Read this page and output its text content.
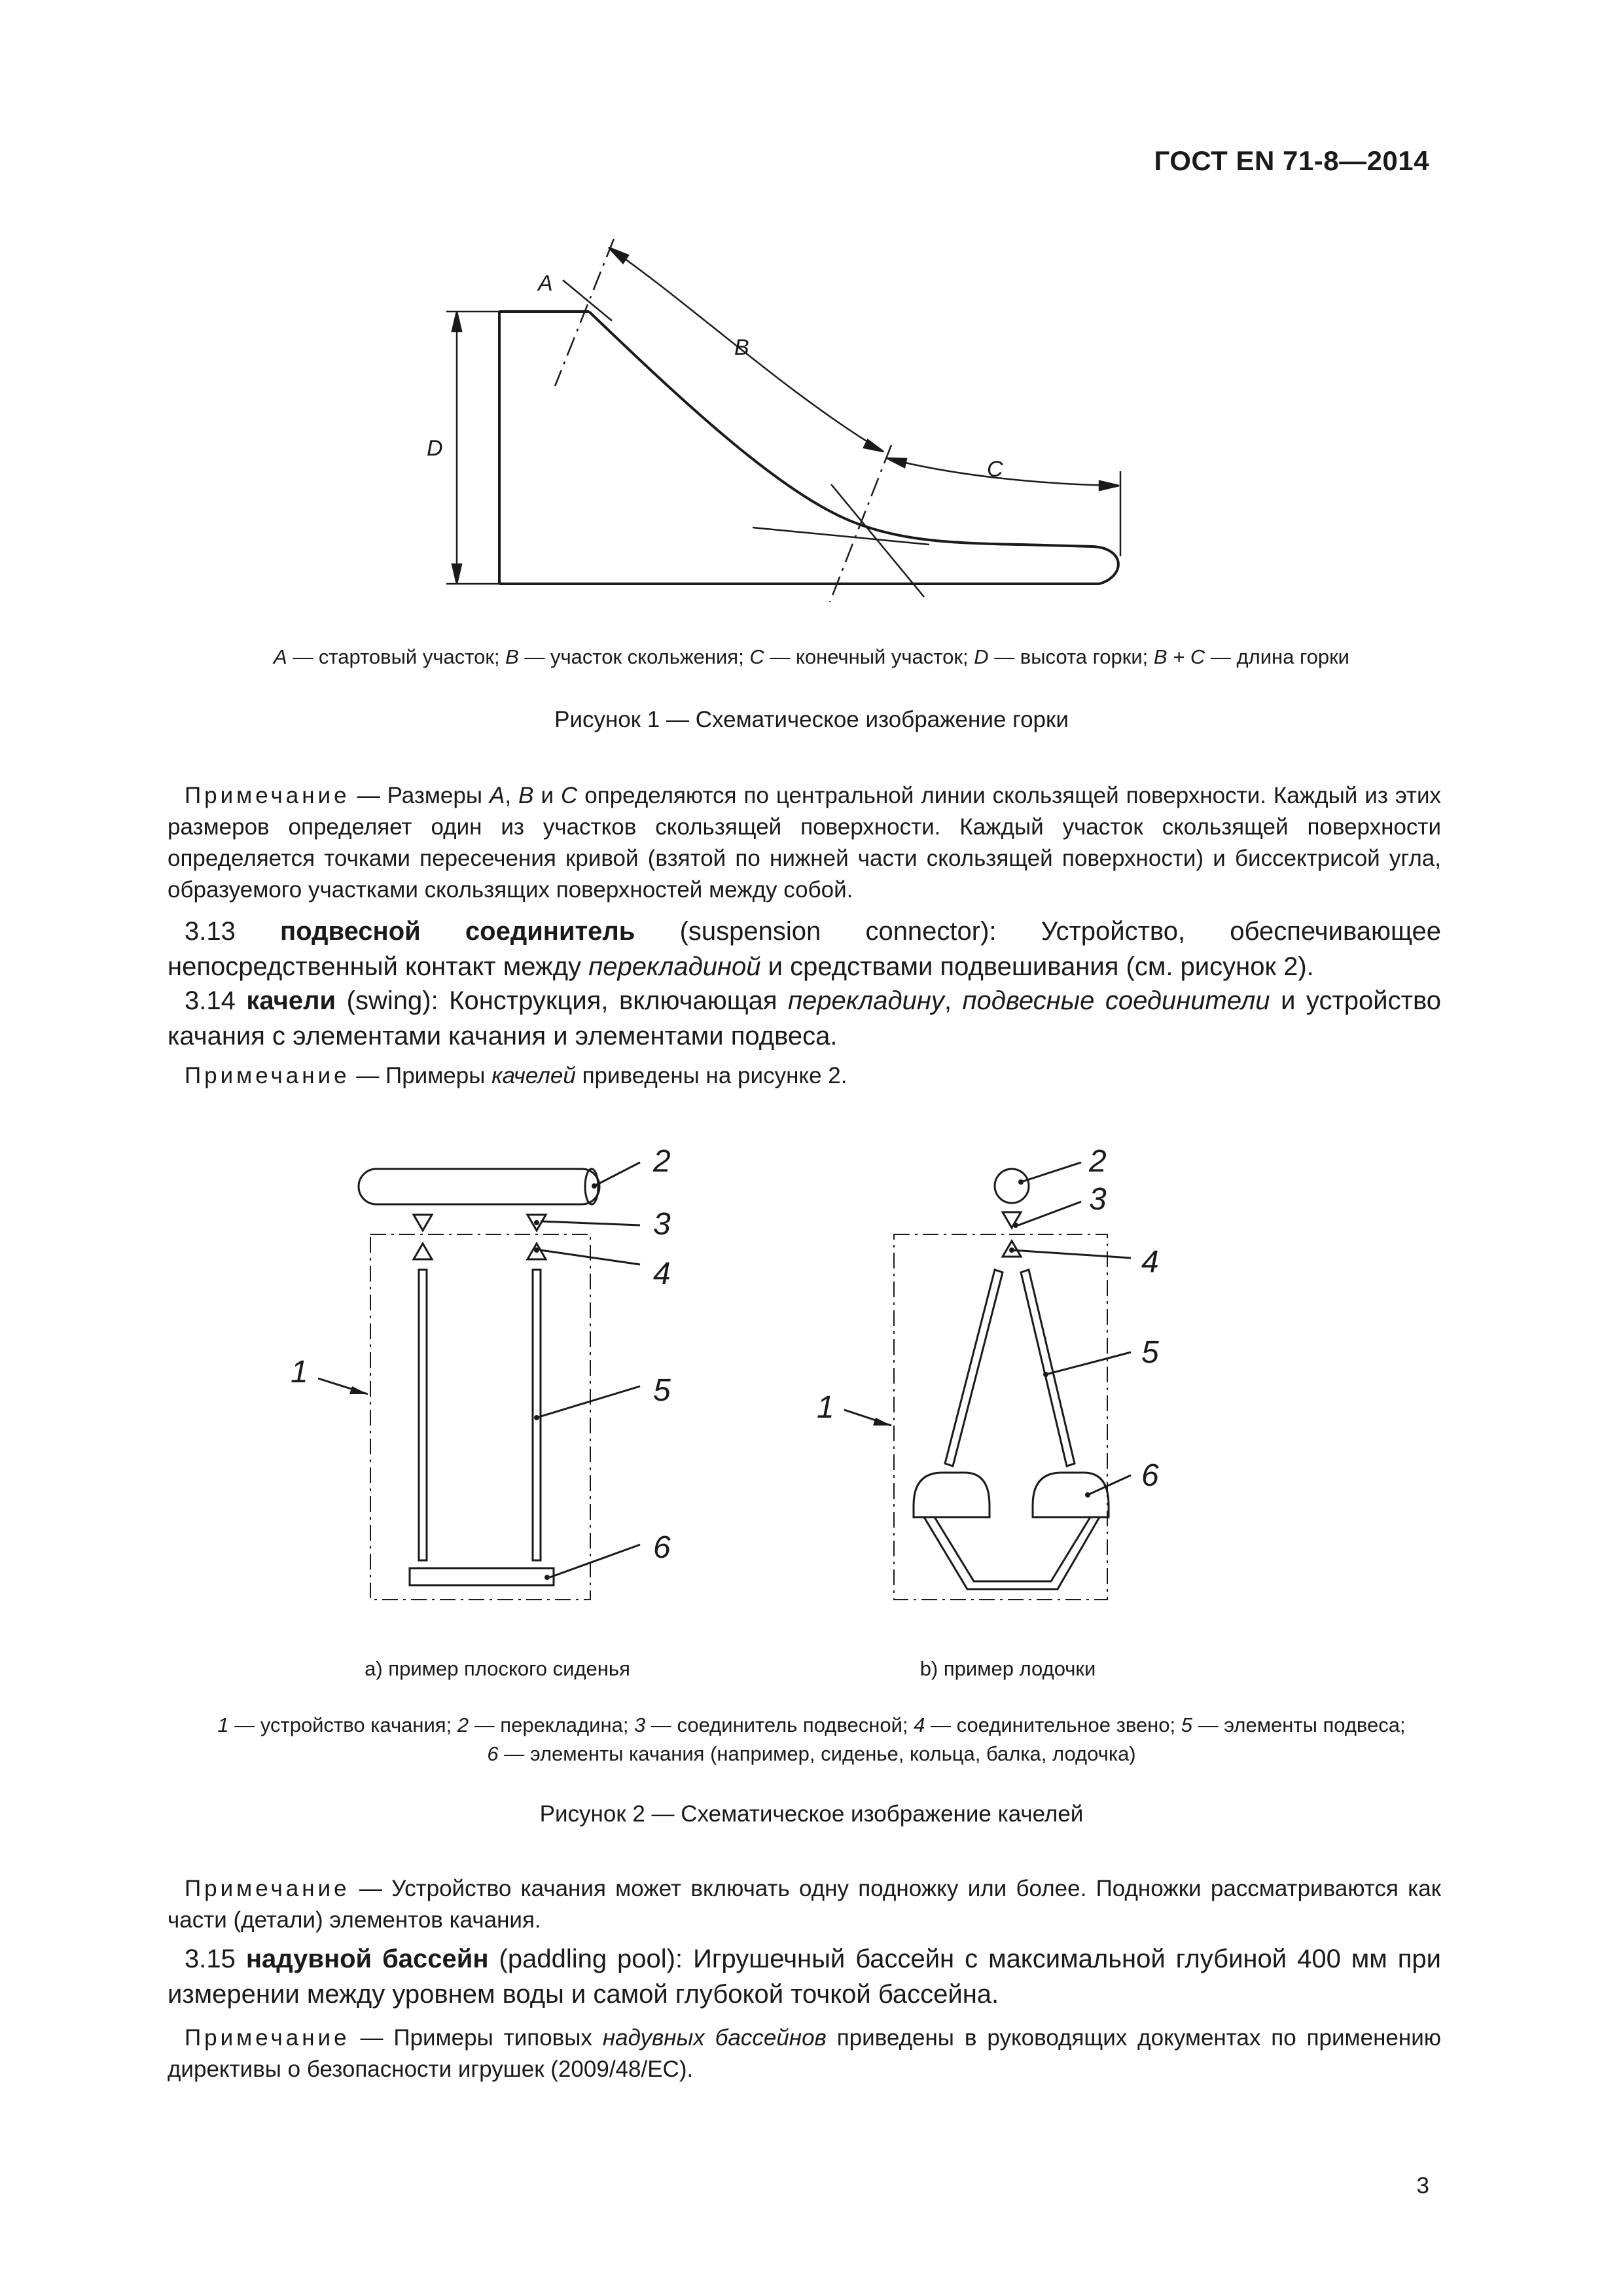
ГОСТ EN 71-8—2014
A
B
C
D
A — стартовый участок; B — участок скольжения; C — конечный участок; D — высота горки; B + C — длина горки
Рисунок 1 — Схематическое изображение горки
Примечание — Размеры A, B и C определяются по центральной линии скользящей поверхности. Каждый из этих размеров определяет один из участков скользящей поверхности. Каждый участок скользящей поверхности определяется точками пересечения кривой (взятой по нижней части скользящей поверхности) и биссектрисой угла, образуемого участками скользящих поверхностей между собой.
3.13 подвесной соединитель (suspension connector): Устройство, обеспечивающее непосредственный контакт между перекладиной и средствами подвешивания (см. рисунок 2).
3.14 качели (swing): Конструкция, включающая перекладину, подвесные соединители и устройство качания с элементами качания и элементами подвеса.
Примечание — Примеры качелей приведены на рисунке 2.
2
3
4
5
6
1
2
3
4
5
6
1
a) пример плоского сиденья	b) пример лодочки
1 — устройство качания; 2 — перекладина; 3 — соединитель подвесной; 4 — соединительное звено; 5 — элементы подвеса;
6 — элементы качания (например, сиденье, кольца, балка, лодочка)
Рисунок 2 — Схематическое изображение качелей
Примечание — Устройство качания может включать одну подножку или более. Подножки рассматриваются как части (детали) элементов качания.
3.15 надувной бассейн (paddling pool): Игрушечный бассейн с максимальной глубиной 400 мм при измерении между уровнем воды и самой глубокой точкой бассейна.
Примечание — Примеры типовых надувных бассейнов приведены в руководящих документах по применению директивы о безопасности игрушек (2009/48/EC).
3
